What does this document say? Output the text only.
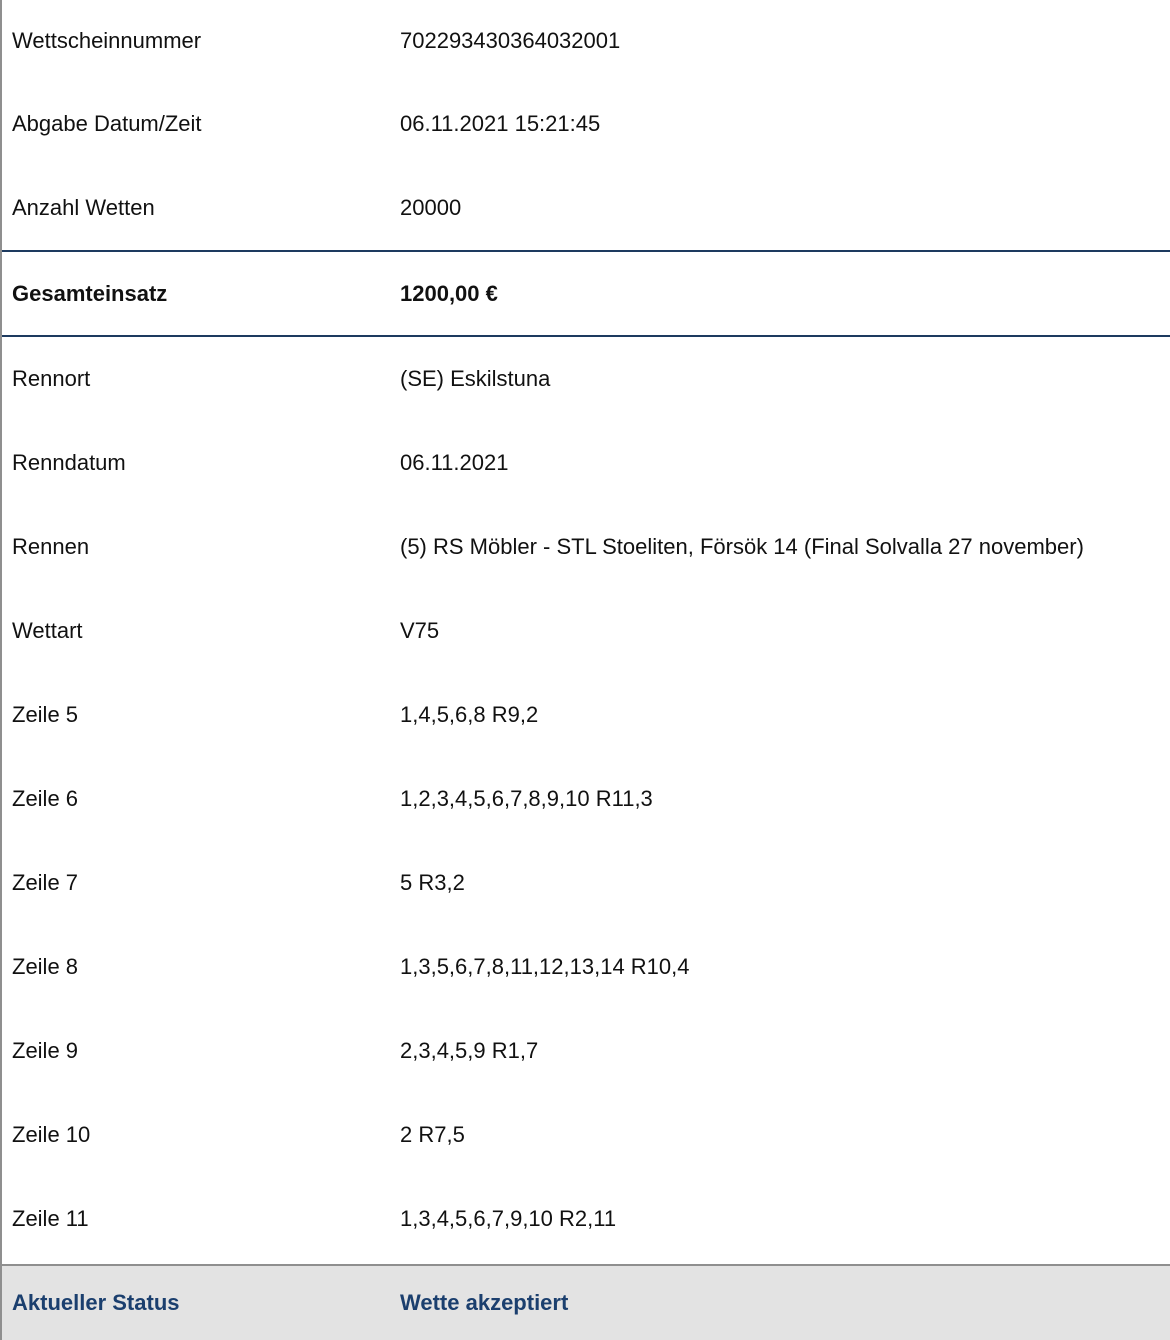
Wettscheinnummer	702293430364032001
Abgabe Datum/Zeit	06.11.2021 15:21:45
Anzahl Wetten	20000
Gesamteinsatz	1200,00 €
Rennort	(SE) Eskilstuna
Renndatum	06.11.2021
Rennen	(5) RS Möbler - STL Stoeliten, Försök 14 (Final Solvalla 27 november)
Wettart	V75
Zeile 5	1,4,5,6,8 R9,2
Zeile 6	1,2,3,4,5,6,7,8,9,10 R11,3
Zeile 7	5 R3,2
Zeile 8	1,3,5,6,7,8,11,12,13,14 R10,4
Zeile 9	2,3,4,5,9 R1,7
Zeile 10	2 R7,5
Zeile 11	1,3,4,5,6,7,9,10 R2,11
Aktueller Status	Wette akzeptiert
